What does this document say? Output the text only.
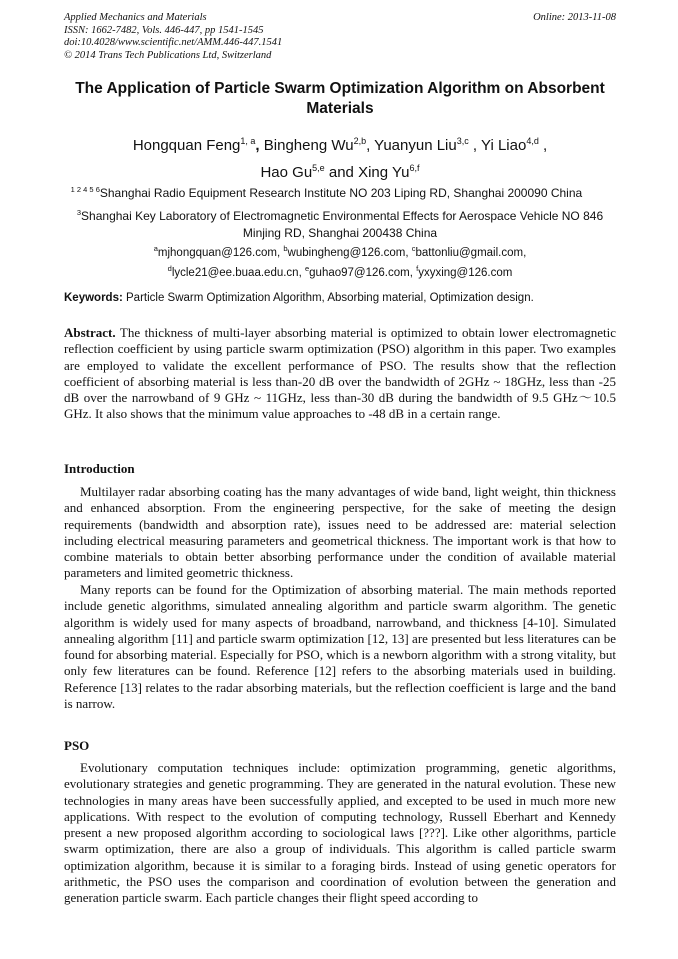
Applied Mechanics and Materials	Online: 2013-11-08
ISSN: 1662-7482, Vols. 446-447, pp 1541-1545
doi:10.4028/www.scientific.net/AMM.446-447.1541
© 2014 Trans Tech Publications Ltd, Switzerland
The Application of Particle Swarm Optimization Algorithm on Absorbent Materials
Hongquan Feng$^{1, a}$, Bingheng Wu$^{2,b}$, Yuanyun Liu$^{3,c}$ , Yi Liao$^{4,d}$ ,
Hao Gu$^{5,e}$ and Xing Yu$^{6,f}$
$^{1 2 4 5 6}$Shanghai Radio Equipment Research Institute NO 203 Liping RD, Shanghai 200090 China
$^3$Shanghai Key Laboratory of Electromagnetic Environmental Effects for Aerospace Vehicle NO 846 Minjing RD, Shanghai 200438 China
$^a$mjhongquan@126.com, $^b$wubingheng@126.com, $^c$battonliu@gmail.com,
$^d$lycle21@ee.buaa.edu.cn, $^e$guhao97@126.com, $^f$yxyxing@126.com
Keywords: Particle Swarm Optimization Algorithm, Absorbing material, Optimization design.
Abstract. The thickness of multi-layer absorbing material is optimized to obtain lower electromagnetic reflection coefficient by using particle swarm optimization (PSO) algorithm in this paper. Two examples are employed to validate the excellent performance of PSO. The results show that the reflection coefficient of absorbing material is less than-20 dB over the bandwidth of 2GHz ~ 18GHz, less than -25 dB over the narrowband of 9 GHz ~ 11GHz, less than-30 dB during the bandwidth of 9.5 GHz～10.5 GHz. It also shows that the minimum value approaches to -48 dB in a certain range.
Introduction
Multilayer radar absorbing coating has the many advantages of wide band, light weight, thin thickness and enhanced absorption. From the engineering perspective, for the sake of meeting the design requirements (bandwidth and absorption rate), issues need to be addressed are: material selection including electrical measuring parameters and geometrical thickness. The important work is that how to combine materials to obtain better absorbing performance under the condition of available material parameters and limited geometric thickness.
Many reports can be found for the Optimization of absorbing material. The main methods reported include genetic algorithms, simulated annealing algorithm and particle swarm algorithm. The genetic algorithm is widely used for many aspects of broadband, narrowband, and thickness [4-10]. Simulated annealing algorithm [11] and particle swarm optimization [12, 13] are presented but less literatures can be found for absorbing material. Especially for PSO, which is a newborn algorithm with a strong vitality, but only few literatures can be found. Reference [12] refers to the absorbing materials used in building. Reference [13] relates to the radar absorbing materials, but the reflection coefficient is large and the band is narrow.
PSO
Evolutionary computation techniques include: optimization programming, genetic algorithms, evolutionary strategies and genetic programming. They are generated in the natural evolution. These new technologies in many areas have been successfully applied, and excepted to be used in much more new applications. With respect to the evolution of computing technology, Russell Eberhart and Kennedy present a new proposed algorithm according to sociological laws [???]. Like other algorithms, particle swarm optimization, there are also a group of individuals. This algorithm is called particle swarm optimization algorithm, because it is similar to a foraging birds. Instead of using genetic operators for arithmetic, the PSO uses the comparison and coordination of evolution between the generation and generation particle swarm. Each particle changes their flight speed according to
